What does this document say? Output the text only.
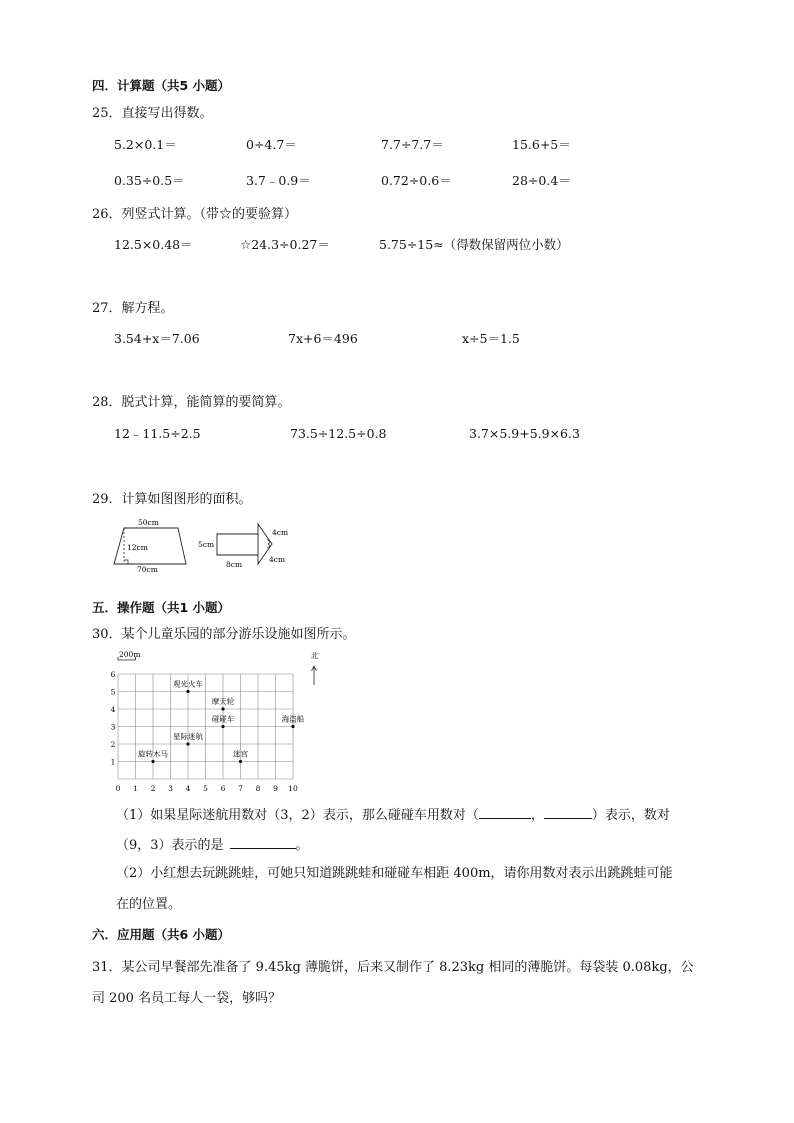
四．计算题（共5 小题）
25．直接写出得数。
5.2×0.1＝	0÷4.7＝	7.7÷7.7＝	15.6+5＝
0.35÷0.5＝	3.7﹣0.9＝	0.72÷0.6＝	28÷0.4＝
26．列竖式计算。（带☆的要验算）
12.5×0.48＝	☆24.3÷0.27＝	5.75÷15≈（得数保留两位小数）
27．解方程。
3.54+x＝7.06	7x+6＝496	x÷5＝1.5
28．脱式计算，能简算的要简算。
12﹣11.5÷2.5	73.5÷12.5÷0.8	3.7×5.9+5.9×6.3
29．计算如图图形的面积。
50cm
12cm
70cm
5cm
8cm
4cm
4cm
五．操作题（共1 小题）
30．某个儿童乐园的部分游乐设施如图所示。
0 1 2 3 4 5 6 7 8 9 10
1
2
3
4
5
6
200m	北
观光火车
摩天轮
碰碰车	海盗船
星际迷航
旋转木马	迷宫
（1）如果星际迷航用数对（3，2）表示，那么碰碰车用数对（	，	）表示，数对
（9，3）表示的是	。
（2）小红想去玩跳跳蛙，可她只知道跳跳蛙和碰碰车相距 400m，请你用数对表示出跳跳蛙可能
在的位置。
六．应用题（共6 小题）
31．某公司早餐部先准备了 9.45kg 薄脆饼，后来又制作了 8.23kg 相同的薄脆饼。每袋装 0.08kg，公
司 200 名员工每人一袋，够吗？
